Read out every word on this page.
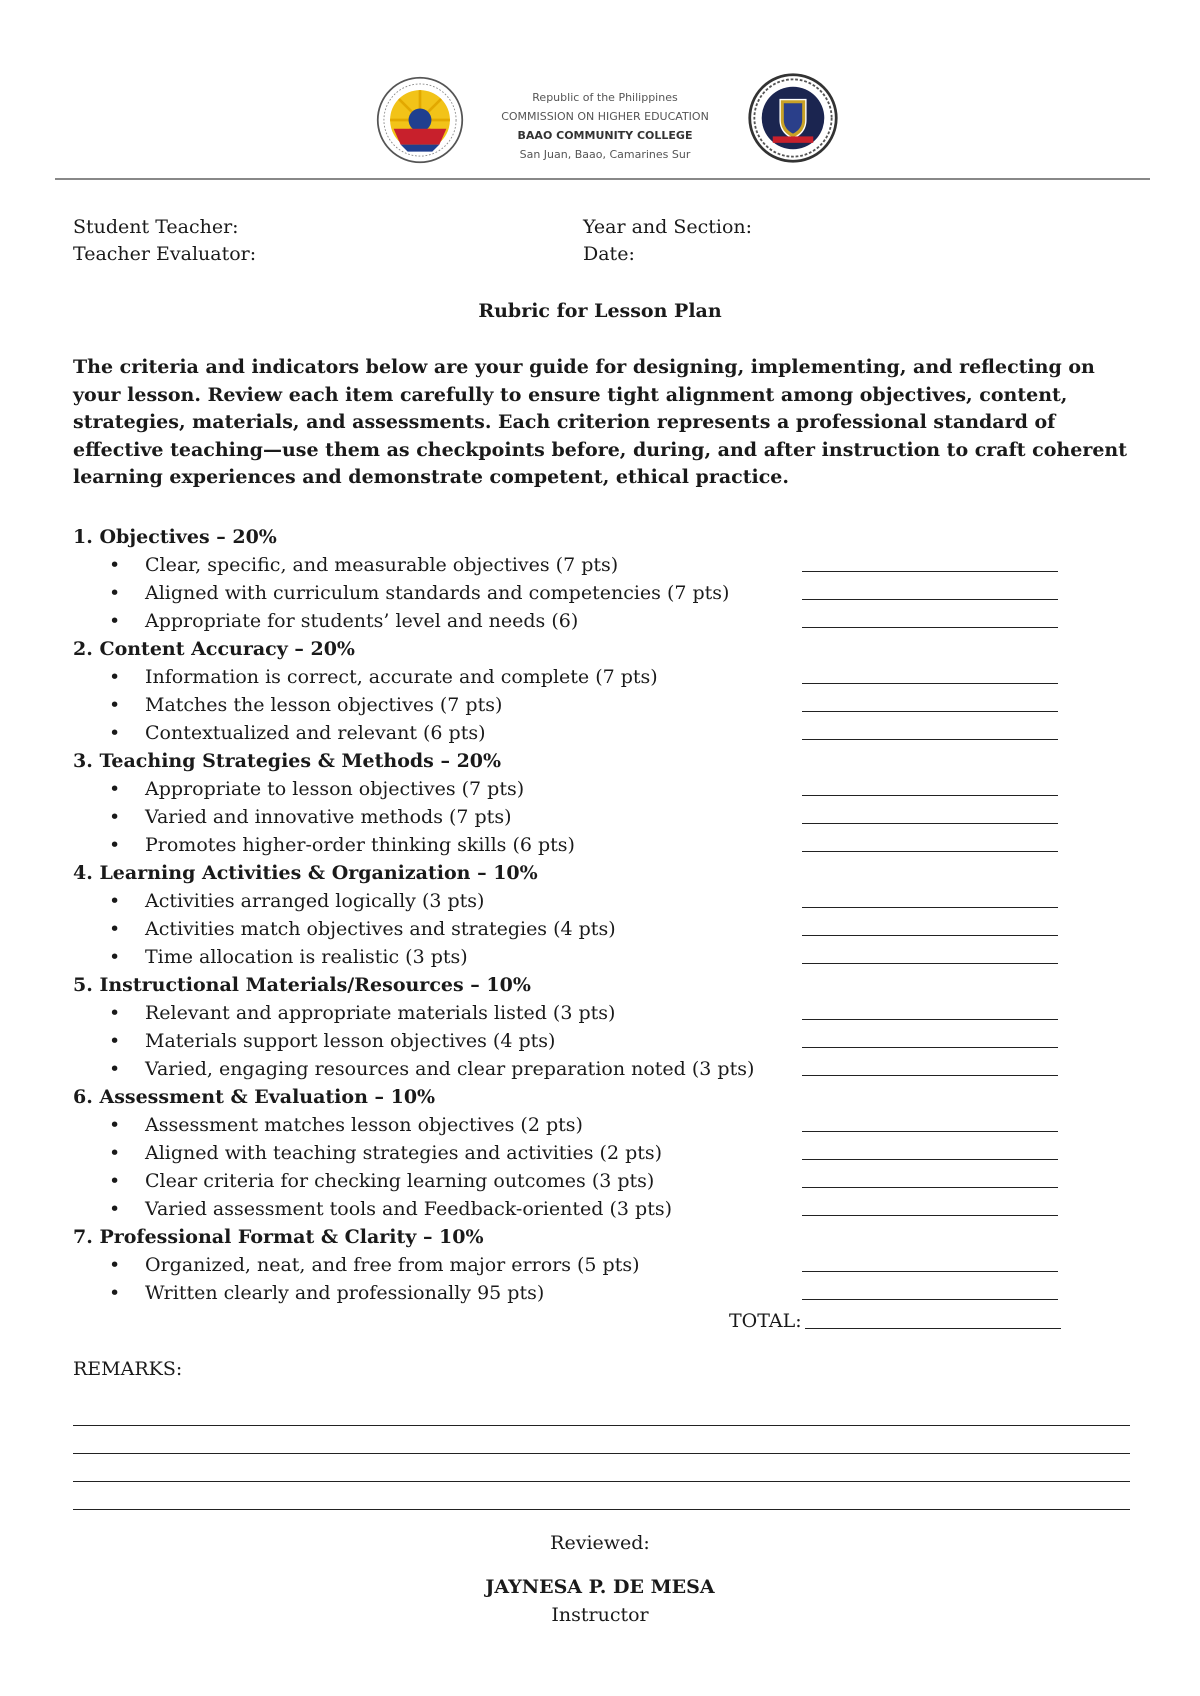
Republic of the Philippines
COMMISSION ON HIGHER EDUCATION
BAAO COMMUNITY COLLEGE
San Juan, Baao, Camarines Sur
Student Teacher:	Year and Section:
Teacher Evaluator:	Date:
Rubric for Lesson Plan
The criteria and indicators below are your guide for designing, implementing, and reflecting on your lesson. Review each item carefully to ensure tight alignment among objectives, content, strategies, materials, and assessments. Each criterion represents a professional standard of effective teaching—use them as checkpoints before, during, and after instruction to craft coherent learning experiences and demonstrate competent, ethical practice.
1. Objectives – 20%
• Clear, specific, and measurable objectives (7 pts)
• Aligned with curriculum standards and competencies (7 pts)
• Appropriate for students’ level and needs (6)
2. Content Accuracy – 20%
• Information is correct, accurate and complete (7 pts)
• Matches the lesson objectives (7 pts)
• Contextualized and relevant (6 pts)
3. Teaching Strategies & Methods – 20%
• Appropriate to lesson objectives (7 pts)
• Varied and innovative methods (7 pts)
• Promotes higher-order thinking skills (6 pts)
4. Learning Activities & Organization – 10%
• Activities arranged logically (3 pts)
• Activities match objectives and strategies (4 pts)
• Time allocation is realistic (3 pts)
5. Instructional Materials/Resources – 10%
• Relevant and appropriate materials listed (3 pts)
• Materials support lesson objectives (4 pts)
• Varied, engaging resources and clear preparation noted (3 pts)
6. Assessment & Evaluation – 10%
• Assessment matches lesson objectives (2 pts)
• Aligned with teaching strategies and activities (2 pts)
• Clear criteria for checking learning outcomes (3 pts)
• Varied assessment tools and Feedback-oriented (3 pts)
7. Professional Format & Clarity – 10%
• Organized, neat, and free from major errors (5 pts)
• Written clearly and professionally 95 pts)
TOTAL:
REMARKS:
Reviewed:
JAYNESA P. DE MESA
Instructor
